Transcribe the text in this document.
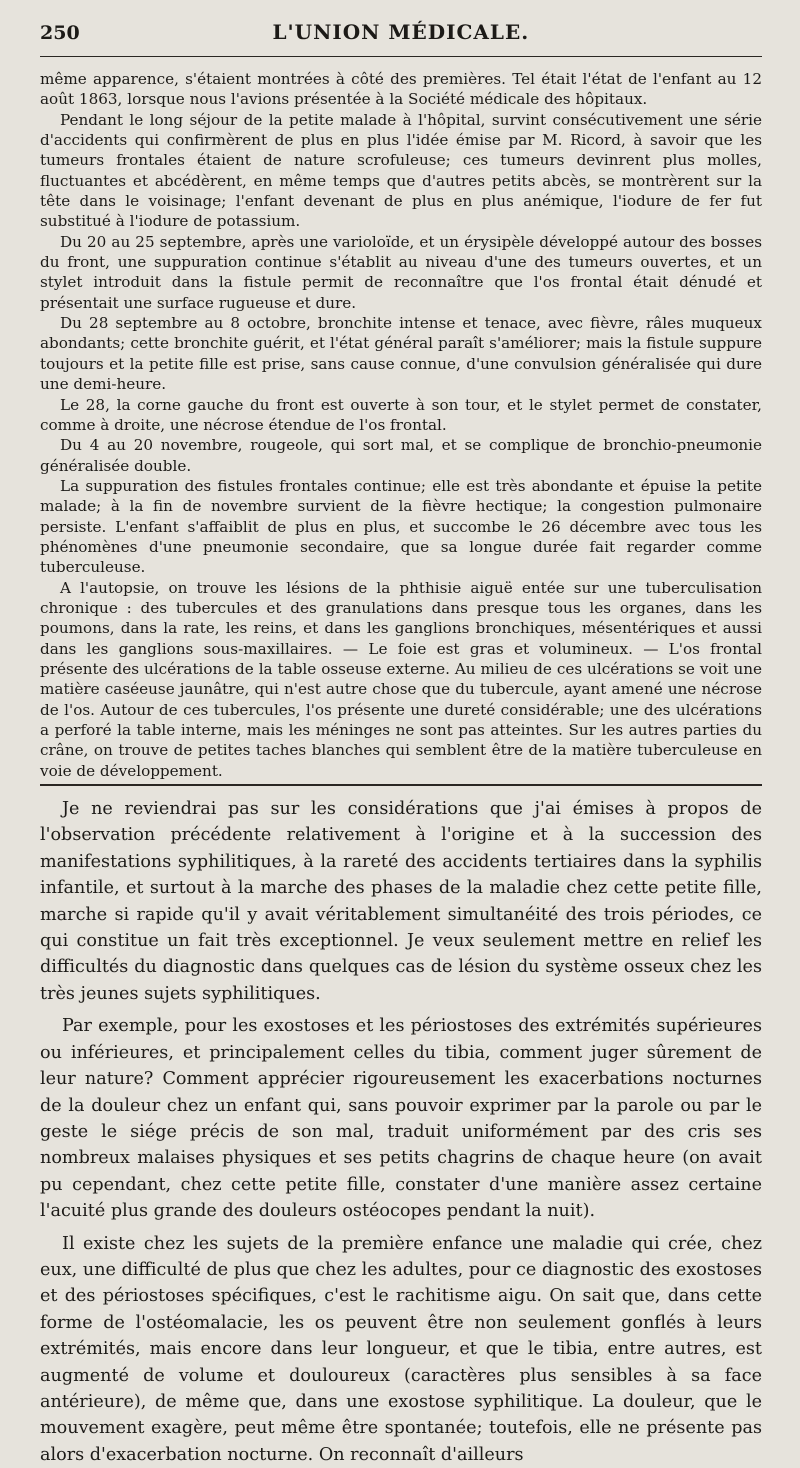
250	L'UNION MÉDICALE.

même apparence, s'étaient montrées à côté des premières. Tel était l'état de l'enfant au 12 août 1863, lorsque nous l'avions présentée à la Société médicale des hôpitaux.

Pendant le long séjour de la petite malade à l'hôpital, survint consécutivement une série d'accidents qui confirmèrent de plus en plus l'idée émise par M. Ricord, à savoir que les tumeurs frontales étaient de nature scrofuleuse; ces tumeurs devinrent plus molles, fluctuantes et abcédèrent, en même temps que d'autres petits abcès, se montrèrent sur la tête dans le voisinage; l'enfant devenant de plus en plus anémique, l'iodure de fer fut substitué à l'iodure de potassium.

Du 20 au 25 septembre, après une varioloïde, et un érysipèle développé autour des bosses du front, une suppuration continue s'établit au niveau d'une des tumeurs ouvertes, et un stylet introduit dans la fistule permit de reconnaître que l'os frontal était dénudé et présentait une surface rugueuse et dure.

Du 28 septembre au 8 octobre, bronchite intense et tenace, avec fièvre, râles muqueux abondants; cette bronchite guérit, et l'état général paraît s'améliorer; mais la fistule suppure toujours et la petite fille est prise, sans cause connue, d'une convulsion généralisée qui dure une demi-heure.

Le 28, la corne gauche du front est ouverte à son tour, et le stylet permet de constater, comme à droite, une nécrose étendue de l'os frontal.

Du 4 au 20 novembre, rougeole, qui sort mal, et se complique de bronchio-pneumonie généralisée double.

La suppuration des fistules frontales continue; elle est très abondante et épuise la petite malade; à la fin de novembre survient de la fièvre hectique; la congestion pulmonaire persiste. L'enfant s'affaiblit de plus en plus, et succombe le 26 décembre avec tous les phénomènes d'une pneumonie secondaire, que sa longue durée fait regarder comme tuberculeuse.

A l'autopsie, on trouve les lésions de la phthisie aiguë entée sur une tuberculisation chronique : des tubercules et des granulations dans presque tous les organes, dans les poumons, dans la rate, les reins, et dans les ganglions bronchiques, mésentériques et aussi dans les ganglions sous-maxillaires. — Le foie est gras et volumineux. — L'os frontal présente des ulcérations de la table osseuse externe. Au milieu de ces ulcérations se voit une matière caséeuse jaunâtre, qui n'est autre chose que du tubercule, ayant amené une nécrose de l'os. Autour de ces tubercules, l'os présente une dureté considérable; une des ulcérations a perforé la table interne, mais les méninges ne sont pas atteintes. Sur les autres parties du crâne, on trouve de petites taches blanches qui semblent être de la matière tuberculeuse en voie de développement.

Je ne reviendrai pas sur les considérations que j'ai émises à propos de l'observation précédente relativement à l'origine et à la succession des manifestations syphilitiques, à la rareté des accidents tertiaires dans la syphilis infantile, et surtout à la marche des phases de la maladie chez cette petite fille, marche si rapide qu'il y avait véritablement simultanéité des trois périodes, ce qui constitue un fait très exceptionnel. Je veux seulement mettre en relief les difficultés du diagnostic dans quelques cas de lésion du système osseux chez les très jeunes sujets syphilitiques.

Par exemple, pour les exostoses et les périostoses des extrémités supérieures ou inférieures, et principalement celles du tibia, comment juger sûrement de leur nature? Comment apprécier rigoureusement les exacerbations nocturnes de la douleur chez un enfant qui, sans pouvoir exprimer par la parole ou par le geste le siége précis de son mal, traduit uniformément par des cris ses nombreux malaises physiques et ses petits chagrins de chaque heure (on avait pu cependant, chez cette petite fille, constater d'une manière assez certaine l'acuité plus grande des douleurs ostéocopes pendant la nuit).

Il existe chez les sujets de la première enfance une maladie qui crée, chez eux, une difficulté de plus que chez les adultes, pour ce diagnostic des exostoses et des périostoses spécifiques, c'est le rachitisme aigu. On sait que, dans cette forme de l'ostéomalacie, les os peuvent être non seulement gonflés à leurs extrémités, mais encore dans leur longueur, et que le tibia, entre autres, est augmenté de volume et douloureux (caractères plus sensibles à sa face antérieure), de même que, dans une exostose syphilitique. La douleur, que le mouvement exagère, peut même être spontanée; toutefois, elle ne présente pas alors d'exacerbation nocturne. On reconnaît d'ailleurs
